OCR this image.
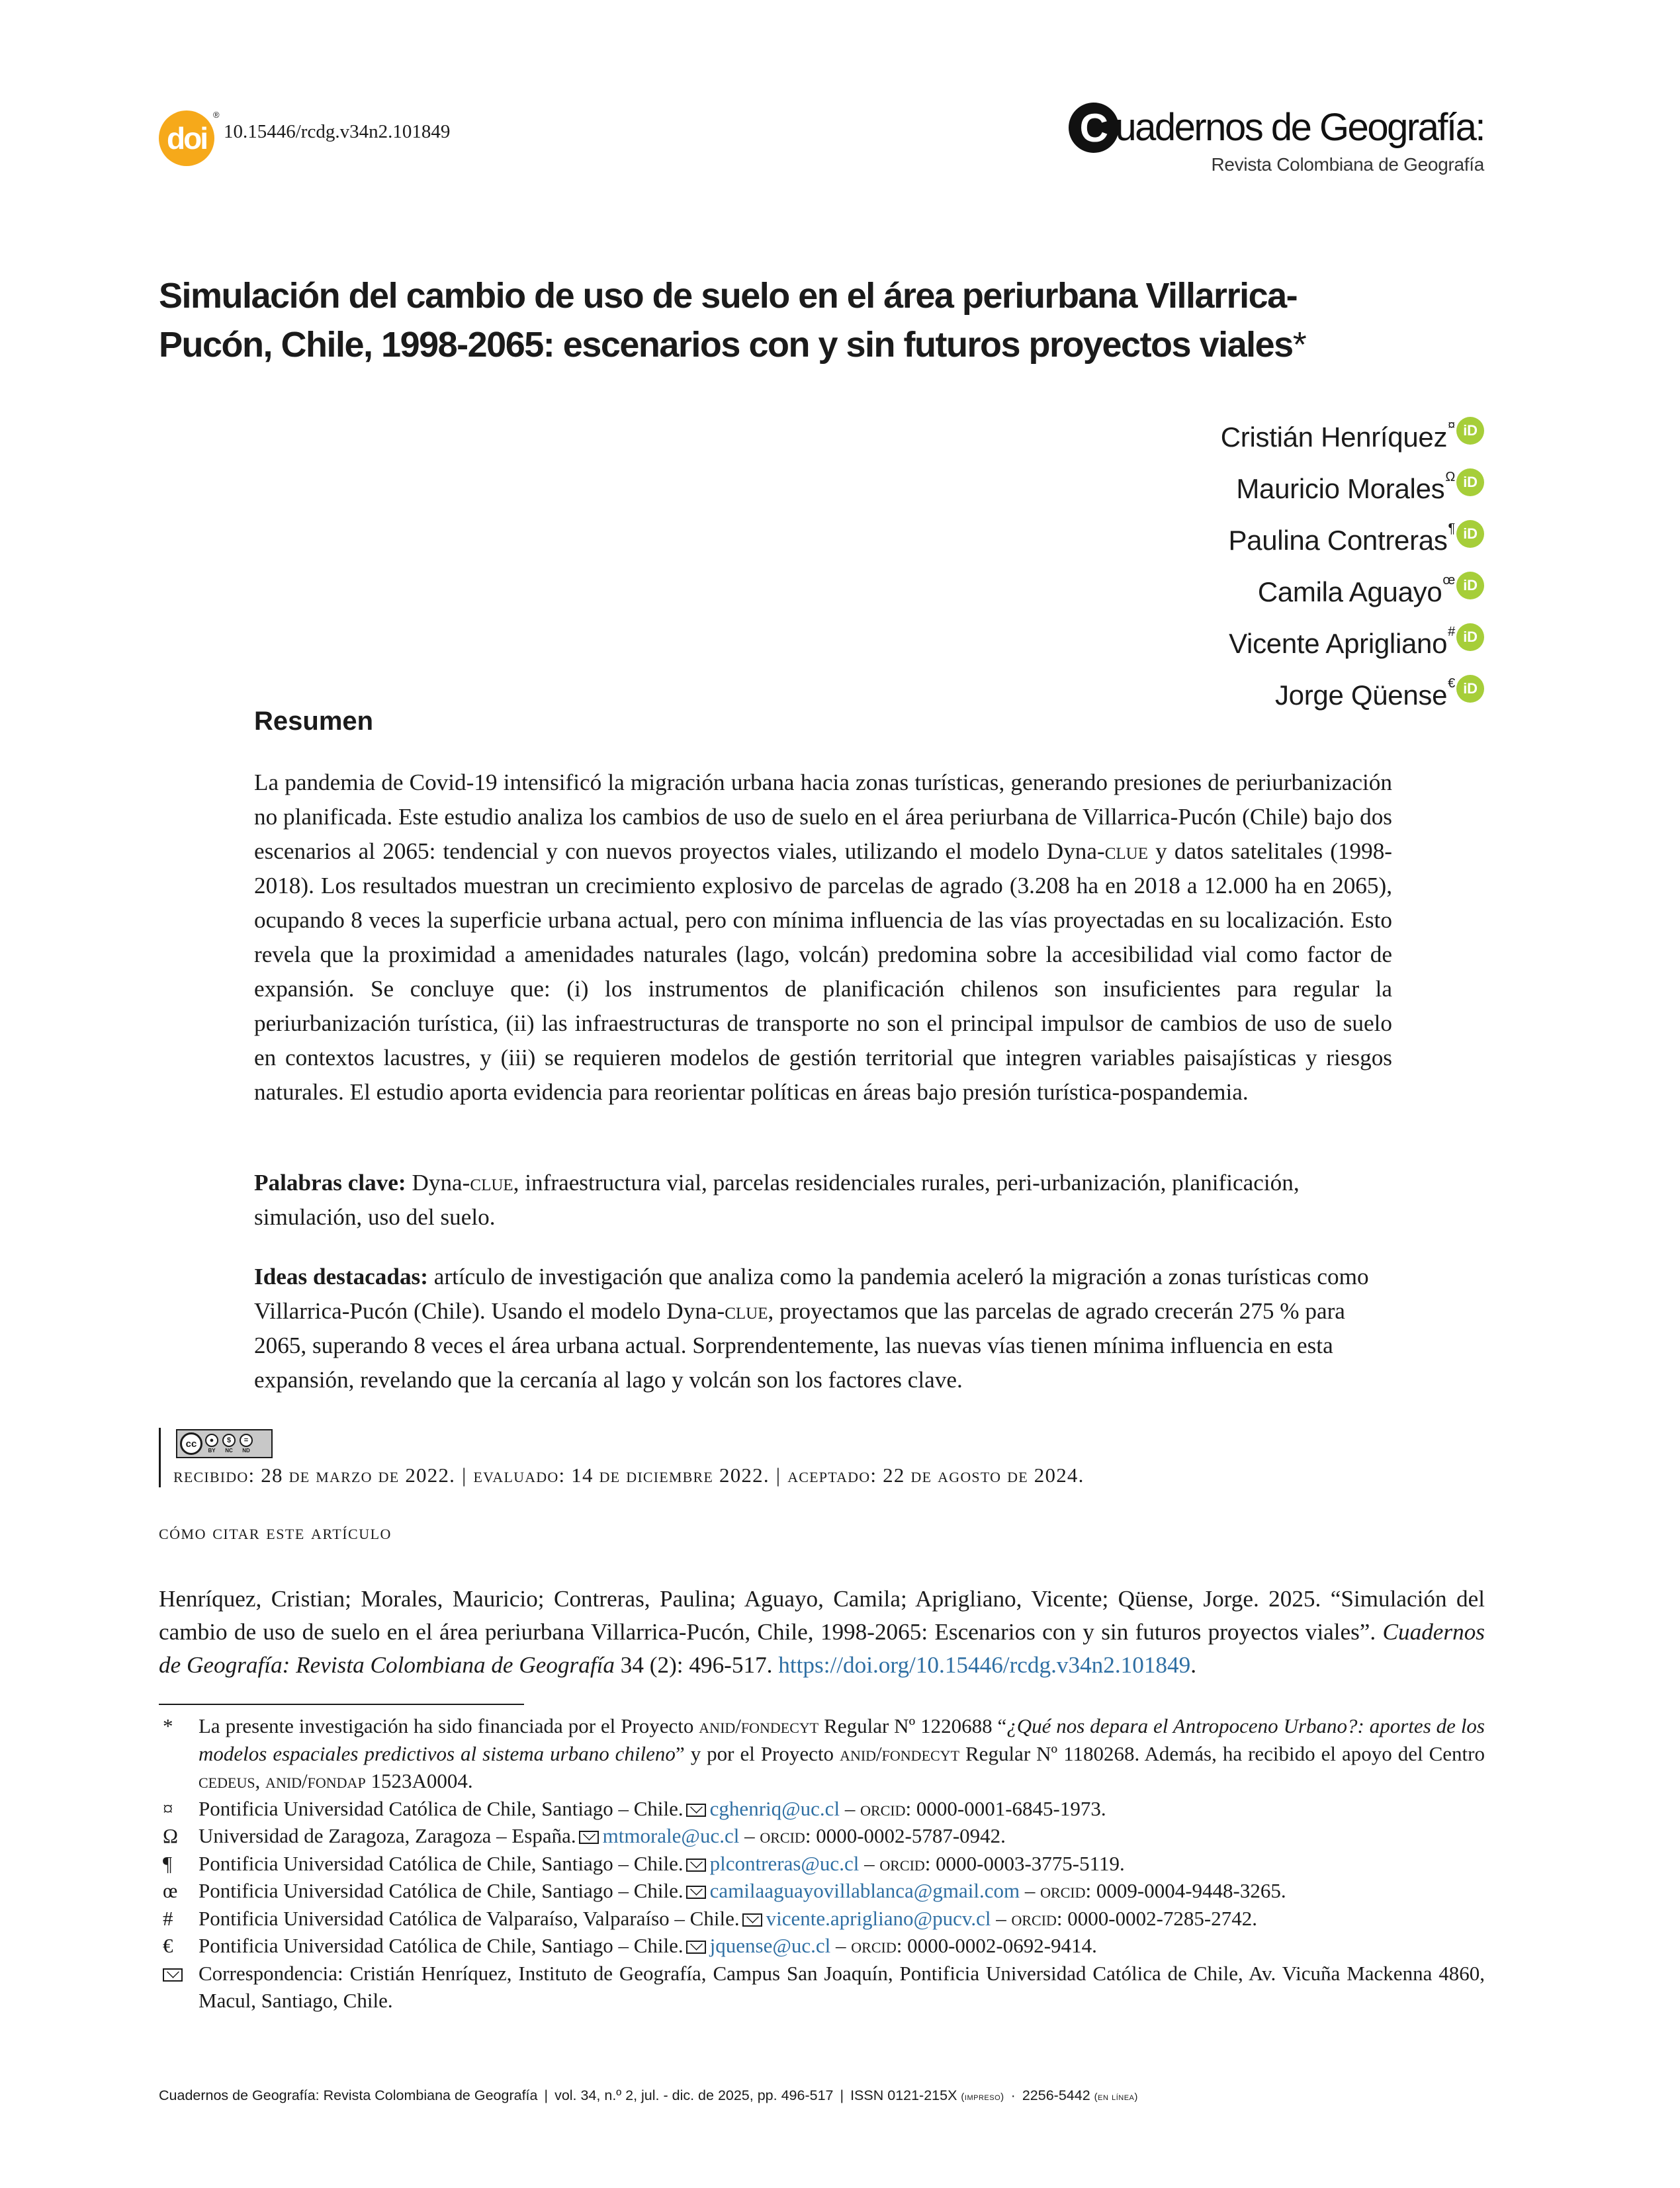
doi
®
10.15446/rcdg.v34n2.101849	C uadernos de Geografía:
Revista Colombiana de Geografía
Simulación del cambio de uso de suelo en el área periurbana Villarrica-
Pucón, Chile, 1998-2065: escenarios con y sin futuros proyectos viales*
Cristián Henríquez¤ iD
Mauricio Morales$^\Omega$ iD
Paulina Contreras¶ iD
Camila Aguayo$^œ$ iD
Vicente Aprigliano# iD
Jorge Qüense€ iD
Resumen
La pandemia de Covid-19 intensificó la migración urbana hacia zonas turísticas, generando presiones de periurbanización no planificada. Este estudio analiza los cambios de uso de suelo en el área periurbana de Villarrica-Pucón (Chile) bajo dos escenarios al 2065: tendencial y con nuevos proyectos viales, utilizando el modelo Dyna-clue y datos satelitales (1998-2018). Los resultados muestran un crecimiento explosivo de parcelas de agrado (3.208 ha en 2018 a 12.000 ha en 2065), ocupando 8 veces la superficie urbana actual, pero con mínima influencia de las vías proyectadas en su localización. Esto revela que la proximidad a amenidades naturales (lago, volcán) predomina sobre la accesibilidad vial como factor de expansión. Se concluye que: (i) los instrumentos de planificación chilenos son insuficientes para regular la periurbanización turística, (ii) las infraestructuras de transporte no son el principal impulsor de cambios de uso de suelo en contextos lacustres, y (iii) se requieren modelos de gestión territorial que integren variables paisajísticas y riesgos naturales. El estudio aporta evidencia para reorientar políticas en áreas bajo presión turística-pospandemia.
Palabras clave: Dyna-clue, infraestructura vial, parcelas residenciales rurales, peri-urbanización, planificación, simulación, uso del suelo.
Ideas destacadas: artículo de investigación que analiza como la pandemia aceleró la migración a zonas turísticas como Villarrica-Pucón (Chile). Usando el modelo Dyna-clue, proyectamos que las parcelas de agrado crecerán 275 % para 2065, superando 8 veces el área urbana actual. Sorprendentemente, las nuevas vías tienen mínima influencia en esta expansión, revelando que la cercanía al lago y volcán son los factores clave.
cc	●	$	=
BY	NC	ND
recibido: 28 de marzo de 2022. | evaluado: 14 de diciembre 2022. | aceptado: 22 de agosto de 2024.
cómo citar este artículo
Henríquez, Cristian; Morales, Mauricio; Contreras, Paulina; Aguayo, Camila; Aprigliano, Vicente; Qüense, Jorge. 2025. “Simulación del cambio de uso de suelo en el área periurbana Villarrica-Pucón, Chile, 1998-2065: Escenarios con y sin futuros proyectos viales”. Cuadernos de Geografía: Revista Colombiana de Geografía 34 (2): 496-517. https://doi.org/10.15446/rcdg.v34n2.101849.
*	La presente investigación ha sido financiada por el Proyecto anid/fondecyt Regular Nº 1220688 “¿Qué nos depara el Antropoceno Urbano?: aportes de los modelos espaciales predictivos al sistema urbano chileno” y por el Proyecto anid/fondecyt Regular Nº 1180268. Además, ha recibido el apoyo del Centro cedeus, anid/fondap 1523A0004.
¤	Pontificia Universidad Católica de Chile, Santiago – Chile. cghenriq@uc.cl – orcid: 0000-0001-6845-1973.
Ω Universidad de Zaragoza, Zaragoza – España. mtmorale@uc.cl – orcid: 0000-0002-5787-0942.
¶	Pontificia Universidad Católica de Chile, Santiago – Chile. plcontreras@uc.cl – orcid: 0000-0003-3775-5119.
œ	Pontificia Universidad Católica de Chile, Santiago – Chile. camilaaguayovillablanca@gmail.com – orcid: 0009-0004-9448-3265.
#	Pontificia Universidad Católica de Valparaíso, Valparaíso – Chile. vicente.aprigliano@pucv.cl – orcid: 0000-0002-7285-2742.
€	Pontificia Universidad Católica de Chile, Santiago – Chile. jquense@uc.cl – orcid: 0000-0002-0692-9414.
Correspondencia: Cristián Henríquez, Instituto de Geografía, Campus San Joaquín, Pontificia Universidad Católica de Chile, Av. Vicuña Mackenna 4860, Macul, Santiago, Chile.
Cuadernos de Geografía: Revista Colombiana de Geografía | vol. 34, n.º 2, jul. - dic. de 2025, pp. 496-517 | ISSN 0121-215X (impreso) · 2256-5442 (en línea)
